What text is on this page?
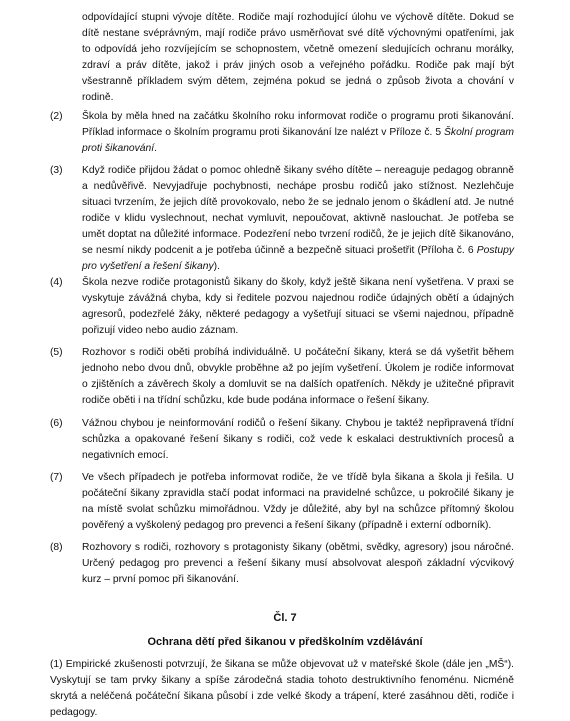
odpovídající stupni vývoje dítěte. Rodiče mají rozhodující úlohu ve výchově dítěte. Dokud se dítě nestane svéprávným, mají rodiče právo usměrňovat své dítě výchovnými opatřeními, jak to odpovídá jeho rozvíjejícím se schopnostem, včetně omezení sledujících ochranu morálky, zdraví a práv dítěte, jakož i práv jiných osob a veřejného pořádku. Rodiče pak mají být všestranně příkladem svým dětem, zejména pokud se jedná o způsob života a chování v rodině.

(2)	Škola by měla hned na začátku školního roku informovat rodiče o programu proti šikanování. Příklad informace o školním programu proti šikanování lze nalézt v Příloze č. 5 Školní program proti šikanování.
(3)	Když rodiče přijdou žádat o pomoc ohledně šikany svého dítěte – nereaguje pedagog obranně a nedůvěřivě. Nevyjadřuje pochybnosti, nechápe prosbu rodičů jako stížnost. Nezlehčuje situaci tvrzením, že jejich dítě provokovalo, nebo že se jednalo jenom o škádlení atd. Je nutné rodiče v klidu vyslechnout, nechat vymluvit, nepoučovat, aktivně naslouchat. Je potřeba se umět doptat na důležité informace. Podezření nebo tvrzení rodičů, že je jejich dítě šikanováno, se nesmí nikdy podcenit a je potřeba účinně a bezpečně situaci prošetřit (Příloha č. 6 Postupy pro vyšetření a řešení šikany).
(4)	Škola nezve rodiče protagonistů šikany do školy, když ještě šikana není vyšetřena. V praxi se vyskytuje závážná chyba, kdy si ředitele pozvou najednou rodiče údajných obětí a údajných agresorů, podezřelé žáky, některé pedagogy a vyšetřují situaci se všemi najednou, případně pořizují video nebo audio záznam.
(5)	Rozhovor s rodiči oběti probíhá individuálně. U počáteční šikany, která se dá vyšetřit během jednoho nebo dvou dnů, obvykle proběhne až po jejím vyšetření. Úkolem je rodiče informovat o zjištěních a závěrech školy a domluvit se na dalších opatřeních. Někdy je užitečné připravit rodiče oběti i na třídní schůzku, kde bude podána informace o řešení šikany.
(6)	Vážnou chybou je neinformování rodičů o řešení šikany. Chybou je taktéž nepřipravená třídní schůzka a opakované řešení šikany s rodiči, což vede k eskalaci destruktivních procesů a negativních emocí.
(7)	Ve všech případech je potřeba informovat rodiče, že ve třídě byla šikana a škola ji řešila. U počáteční šikany zpravidla stačí podat informaci na pravidelné schůzce, u pokročilé šikany je na místě svolat schůzku mimořádnou. Vždy je důležité, aby byl na schůzce přítomný školou pověřený a vyškolený pedagog pro prevenci a řešení šikany (případně i externí odborník).
(8)	Rozhovory s rodiči, rozhovory s protagonisty šikany (obětmi, svědky, agresory) jsou náročné. Určený pedagog pro prevenci a řešení šikany musí absolvovat alespoň základní výcvikový kurz – první pomoc při šikanování.
Čl. 7
Ochrana dětí před šikanou v předškolním vzdělávání
(1) Empirické zkušenosti potvrzují, že šikana se může objevovat už v mateřské škole (dále jen „MŠ“). Vyskytují se tam prvky šikany a spíše zárodečná stadia tohoto destruktivního fenoménu. Nicméně skrytá a neléčená počáteční šikana působí i zde velké škody a trápení, které zasáhnou děti, rodiče i pedagogy.
